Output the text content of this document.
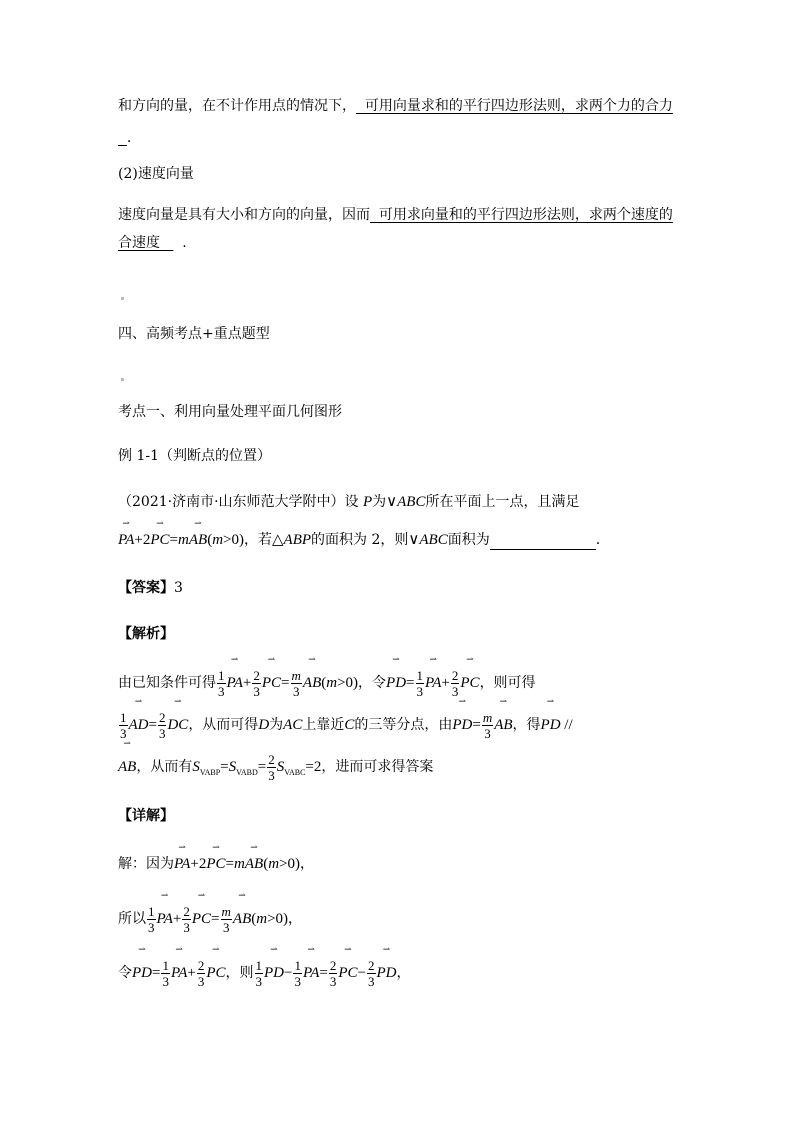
和方向的量，在不计作用点的情况下，  可用向量求和的平行四边形法则，求两个力的合力
.
(2)速度向量
速度向量是具有大小和方向的向量，因而  可用求向量和的平行四边形法则，求两个速度的
合速度     .
四、高频考点+重点题型
考点一、利用向量处理平面几何图形
例 1-1（判断点的位置）
（2021·济南市·山东师范大学附中）设 P为∨ABC所在平面上一点，且满足
⇀ PA+2⇀ PC=m⇀ AB(m>0)，若△ABP的面积为 2，则∨ABC面积为	.
【答案】3
【解析】
由已知条件可得 $\frac{1}{3}$ ⇀ $PA+ \frac{2}{3}$ ⇀ $PC= \frac{m}{3}$ ⇀ AB(m>0)，令⇀ $PD= \frac{1}{3}$ ⇀ $PA+ \frac{2}{3}$ ⇀ PC，则可得
$\frac{1}{3}$ ⇀ $AD= \frac{2}{3}$ ⇀ DC，从而可得D为AC上靠近C的三等分点，由⇀ $PD= \frac{m}{3}$ ⇀ AB，得⇀ PD //
⇀ AB，从而有$S_{VABP}=S_{VABD}= \frac{2}{3} S_{VABC}=2$，进而可求得答案
【详解】
解：因为⇀ PA+2⇀ PC=m⇀ AB(m>0)，
所以 $\frac{1}{3}$ ⇀ $PA+ \frac{2}{3}$ ⇀ $PC= \frac{m}{3}$ ⇀ AB(m>0)，
令⇀ $PD= \frac{1}{3}$ ⇀ $PA+ \frac{2}{3}$ ⇀ PC，则 $\frac{1}{3}$ ⇀ $PD- \frac{1}{3}$ ⇀ $PA= \frac{2}{3}$ ⇀ $PC- \frac{2}{3}$ ⇀ PD，
